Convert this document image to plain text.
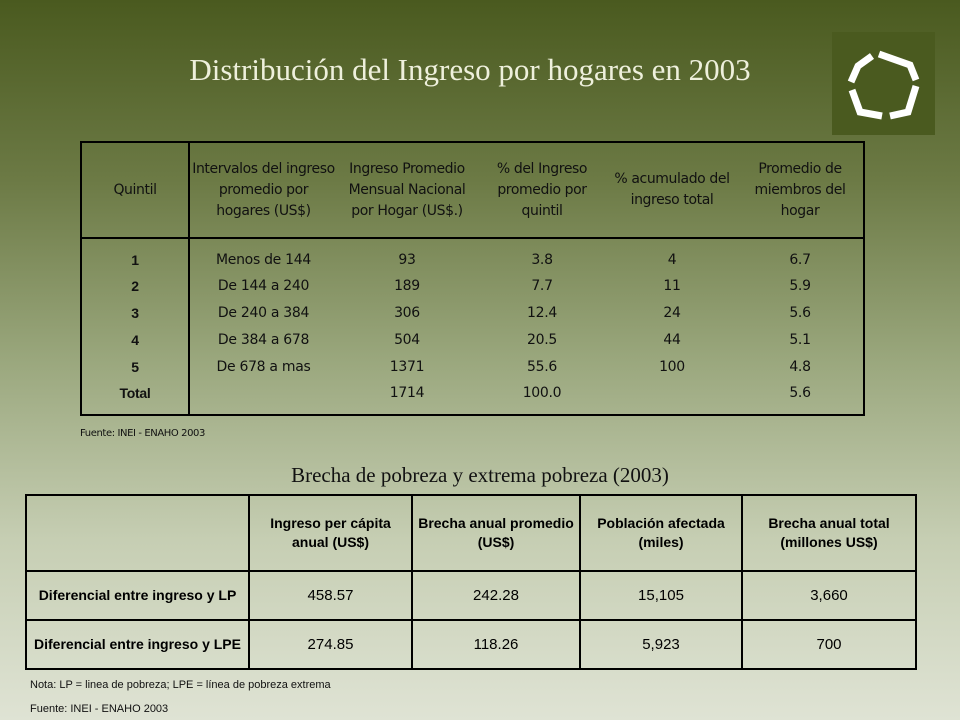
Distribución del Ingreso por hogares en 2003
Quintil	Intervalos del ingreso promedio por hogares (US$)	Ingreso Promedio Mensual Nacional por Hogar (US$.)	% del Ingreso promedio por quintil	% acumulado del ingreso total	Promedio de miembros del hogar

1	Menos de 144	93	3.8	4	6.7
2	De 144 a 240	189	7.7	11	5.9
3	De 240 a 384	306	12.4	24	5.6
4	De 384 a 678	504	20.5	44	5.1
5	De 678 a mas	1371	55.6	100	4.8
Total		1714	100.0		5.6

Fuente: INEI - ENAHO 2003
Brecha de pobreza y extrema pobreza (2003)
	Ingreso per cápita anual (US$)	Brecha anual promedio (US$)	Población afectada (miles)	Brecha anual total (millones US$)
Diferencial entre ingreso y LP	458.57	242.28	15,105	3,660
Diferencial entre ingreso y LPE	274.85	118.26	5,923	700
Nota: LP = linea de pobreza; LPE = línea de pobreza extrema
Fuente: INEI - ENAHO 2003
